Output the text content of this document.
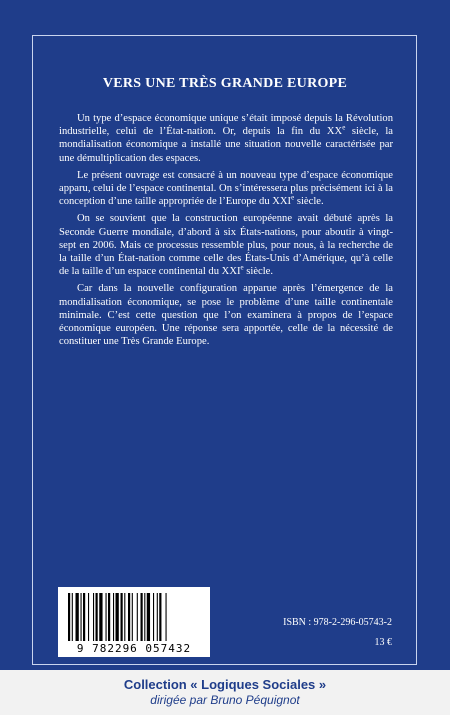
VERS UNE TRÈS GRANDE EUROPE

Un type d’espace économique unique s’était imposé depuis la Révolution industrielle, celui de l’État-nation. Or, depuis la fin du XXe siècle, la mondialisation économique a installé une situation nouvelle caractérisée par une démultiplication des espaces.

Le présent ouvrage est consacré à un nouveau type d’espace économique apparu, celui de l’espace continental. On s’intéressera plus précisément ici à la conception d’une taille appropriée de l’Europe du XXIe siècle.

On se souvient que la construction européenne avait débuté après la Seconde Guerre mondiale, d’abord à six États-nations, pour aboutir à vingt-sept en 2006. Mais ce processus ressemble plus, pour nous, à la recherche de la taille d’un État-nation comme celle des États-Unis d’Amérique, qu’à celle de la taille d’un espace continental du XXIe siècle.

Car dans la nouvelle configuration apparue après l’émergence de la mondialisation économique, se pose le problème d’une taille continentale minimale. C’est cette question que l’on examinera à propos de l’espace économique européen. Une réponse sera apportée, celle de la nécessité de constituer une Très Grande Europe.

9 782296 057432
ISBN : 978-2-296-05743-2
13 €
Collection « Logiques Sociales »
dirigée par Bruno Péquignot
